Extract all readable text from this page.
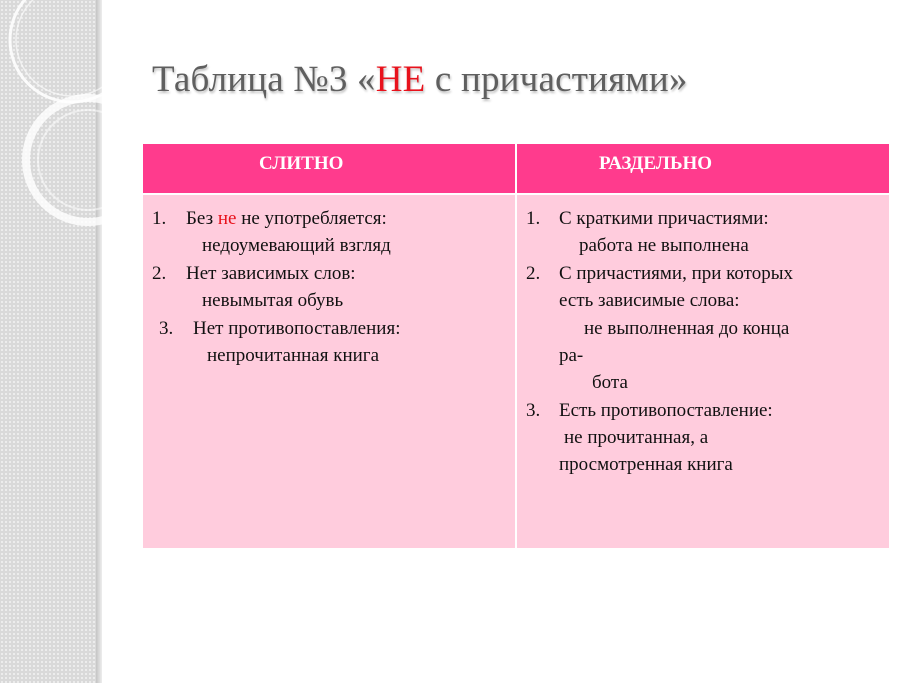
Таблица №3 «НЕ с причастиями»
СЛИТНО	РАЗДЕЛЬНО
1. Без не не употребляется:
недоумевающий взгляд
2. Нет зависимых слов:
невымытая обувь
3. Нет противопоставления:
непрочитанная книга
1. С краткими причастиями:
работа не выполнена
2. С причастиями, при которых
есть зависимые слова:
не выполненная до конца
ра-
бота
3. Есть противопоставление:
не прочитанная, а
просмотренная книга
